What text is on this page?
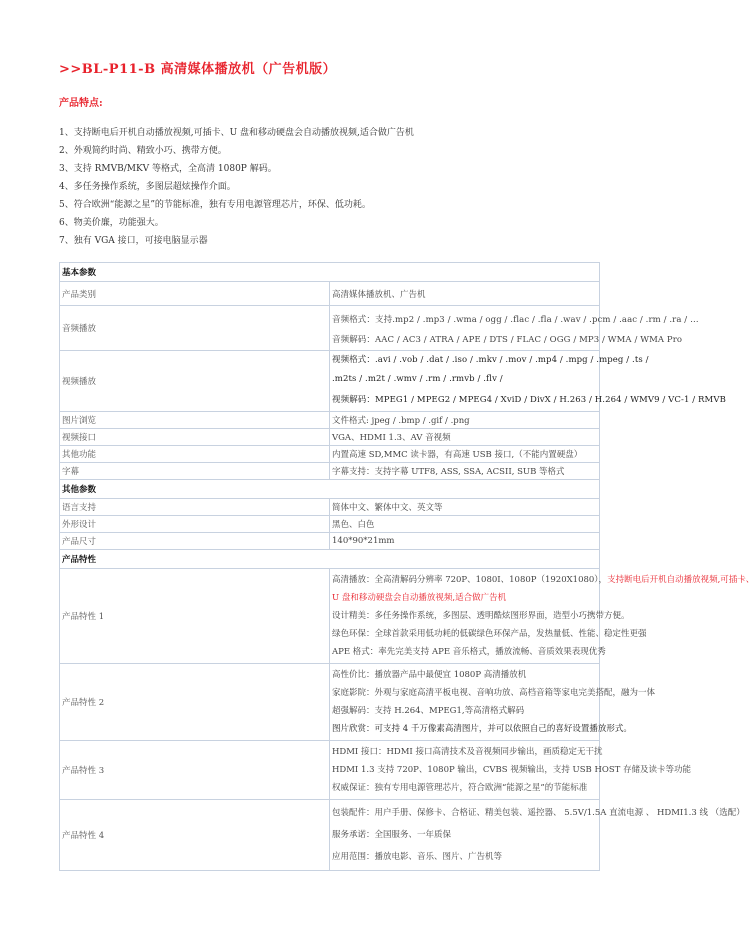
>>BL-P11-B 高清媒体播放机（广告机版）
产品特点:
1、支持断电后开机自动播放视频,可插卡、U 盘和移动硬盘会自动播放视频,适合做广告机
2、外观简约时尚、精致小巧、携带方便。
3、支持 RMVB/MKV 等格式，全高清 1080P 解码。
4、多任务操作系统，多图层超炫操作介面。
5、符合欧洲“能源之星”的节能标准，独有专用电源管理芯片，环保、低功耗。
6、物美价廉，功能强大。
7、独有 VGA 接口，可接电脑显示器
基本参数	
产品类别	高清媒体播放机、广告机
音频播放	音频格式：支持.mp2 / .mp3 / .wma / ogg / .flac / .fla / .wav / .pcm / .aac / .rm / .ra / …
音频解码：AAC / AC3 / ATRA / APE / DTS / FLAC / OGG / MP3 / WMA / WMA Pro

视频播放	视频格式：.avi / .vob / .dat / .iso / .mkv / .mov / .mp4 / .mpg / .mpeg / .ts /
.m2ts / .m2t / .wmv / .rm / .rmvb / .flv /
视频解码：MPEG1 / MPEG2 / MPEG4 / XviD / DivX / H.263 / H.264 / WMV9 / VC-1 / RMVB

图片浏览	文件格式: jpeg / .bmp / .gif / .png
视频接口	VGA、HDMI 1.3、AV 音视频
其他功能	内置高速 SD,MMC 读卡器，有高速 USB 接口,（不能内置硬盘）
字幕	字幕支持：支持字幕 UTF8, ASS, SSA, ACSII, SUB 等格式
其他参数	
语言支持	简体中文、繁体中文、英文等
外形设计	黑色、白色
产品尺寸	140*90*21mm
产品特性	
产品特性 1	高清播放：全高清解码分辨率 720P、1080I、1080P（1920X1080），支持断电后开机自动播放视频,可插卡、
U 盘和移动硬盘会自动播放视频,适合做广告机
设计精美：多任务操作系统，多图层、透明酷炫图形界面，造型小巧携带方便。
绿色环保：全球首款采用低功耗的低碳绿色环保产品，发热量低、性能、稳定性更强
APE 格式：率先完美支持 APE 音乐格式，播放流畅、音质效果表现优秀

产品特性 2	高性价比：播放器产品中最便宜 1080P 高清播放机
家庭影院：外观与家庭高清平板电视、音响功放、高档音箱等家电完美搭配，融为一体
超强解码：支持 H.264、MPEG1,等高清格式解码
图片欣赏：可支持 4 千万像素高清图片，并可以依照自己的喜好设置播放形式。

产品特性 3	HDMI 接口：HDMI 接口高清技术及音视频同步输出，画质稳定无干扰
HDMI 1.3 支持 720P、1080P 输出，CVBS 视频输出，支持 USB HOST 存储及读卡等功能
权威保证：独有专用电源管理芯片，符合欧洲“能源之星”的节能标准

产品特性 4	包装配件：用户手册、保修卡、合格证、精美包装、遥控器、 5.5V/1.5A 直流电源 、 HDMI1.3 线 （选配）
服务承诺：全国服务、一年质保
应用范围：播放电影、音乐、图片、广告机等
